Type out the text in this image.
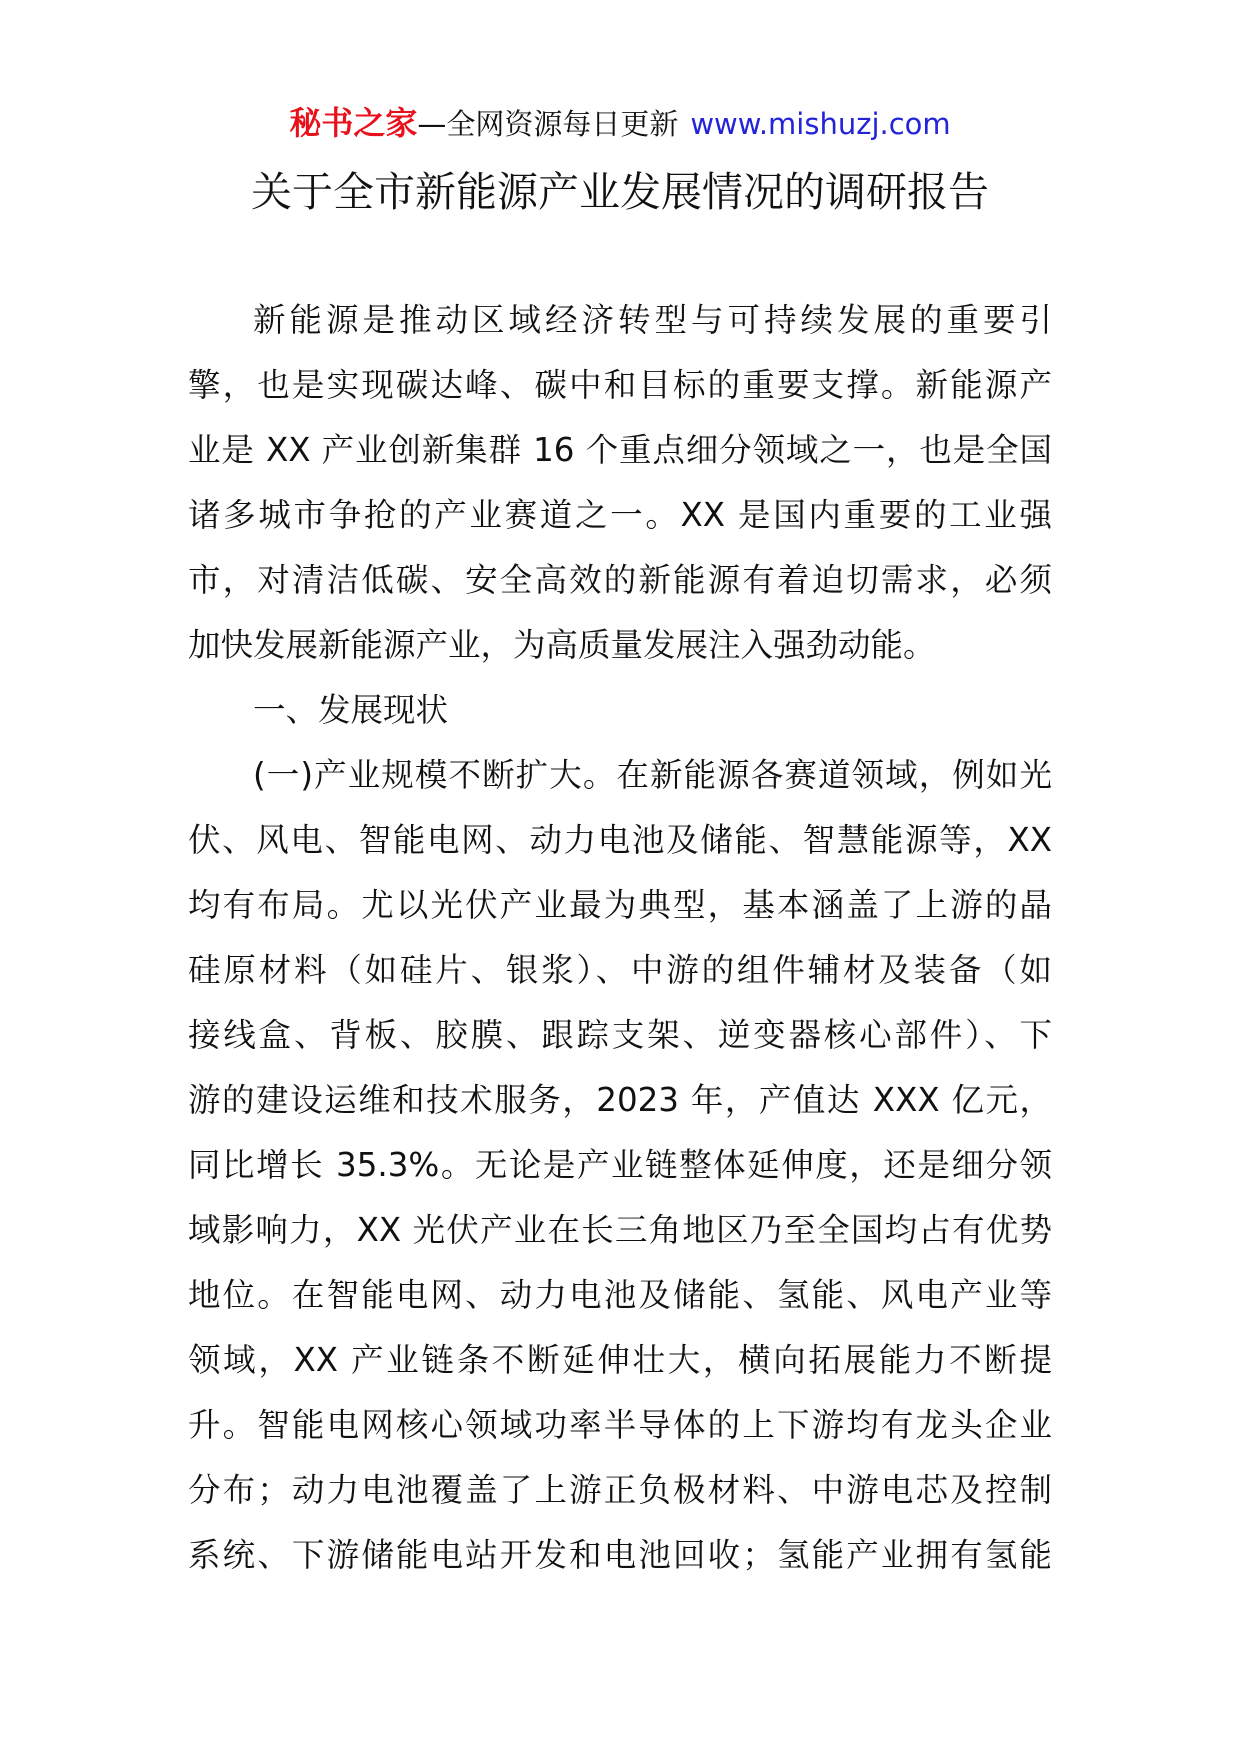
秘书之家—全网资源每日更新 www.mishuzj.com
关于全市新能源产业发展情况的调研报告
新能源是推动区域经济转型与可持续发展的重要引
擎，也是实现碳达峰、碳中和目标的重要支撑。新能源产
业是 XX 产业创新集群 16 个重点细分领域之一，也是全国
诸多城市争抢的产业赛道之一。XX 是国内重要的工业强
市，对清洁低碳、安全高效的新能源有着迫切需求，必须
加快发展新能源产业，为高质量发展注入强劲动能。
一、发展现状
(一)产业规模不断扩大。在新能源各赛道领域，例如光
伏、风电、智能电网、动力电池及储能、智慧能源等，XX
均有布局。尤以光伏产业最为典型，基本涵盖了上游的晶
硅原材料（如硅片、银浆）、中游的组件辅材及装备（如
接线盒、背板、胶膜、跟踪支架、逆变器核心部件）、下
游的建设运维和技术服务，2023 年，产值达 XXX 亿元，
同比增长 35.3%。无论是产业链整体延伸度，还是细分领
域影响力，XX 光伏产业在长三角地区乃至全国均占有优势
地位。在智能电网、动力电池及储能、氢能、风电产业等
领域，XX 产业链条不断延伸壮大，横向拓展能力不断提
升。智能电网核心领域功率半导体的上下游均有龙头企业
分布；动力电池覆盖了上游正负极材料、中游电芯及控制
系统、下游储能电站开发和电池回收；氢能产业拥有氢能
